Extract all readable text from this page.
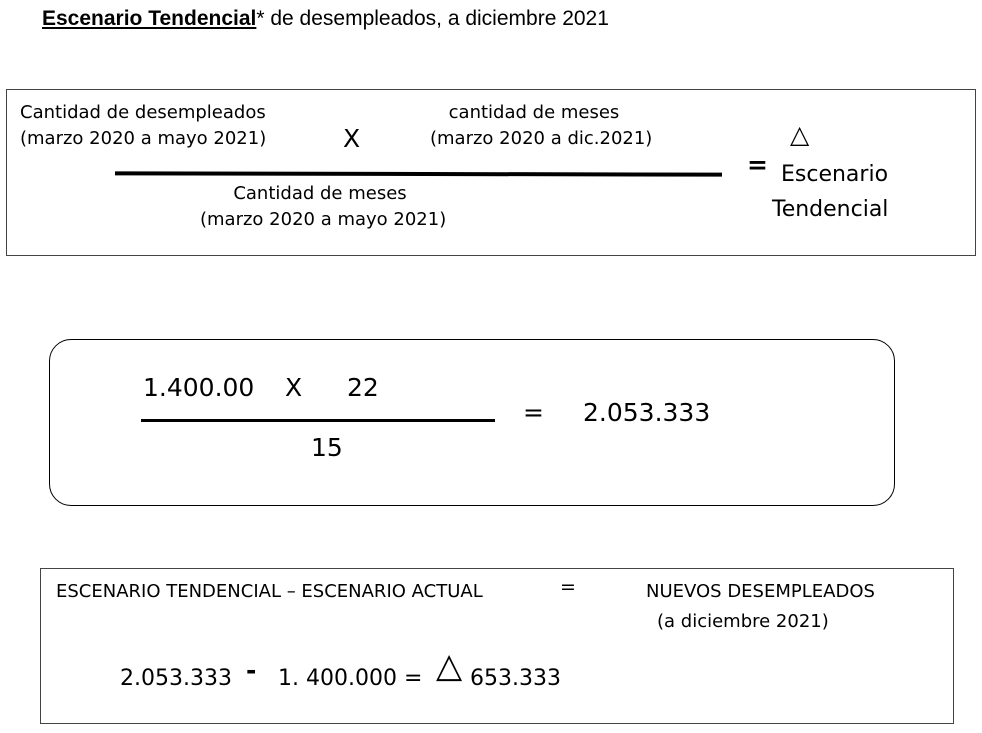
Escenario Tendencial* de desempleados, a diciembre 2021
Cantidad de desempleados
(marzo 2020 a mayo 2021)	X
cantidad de meses
(marzo 2020 a dic.2021)
Cantidad de meses
(marzo 2020 a mayo 2021)
=
△
Escenario
Tendencial
1.400.00 X 22
15
= 2.053.333
ESCENARIO TENDENCIAL – ESCENARIO ACTUAL	=	NUEVOS DESEMPLEADOS
(a diciembre 2021)
2.053.333 - 1. 400.000 = △ 653.333
